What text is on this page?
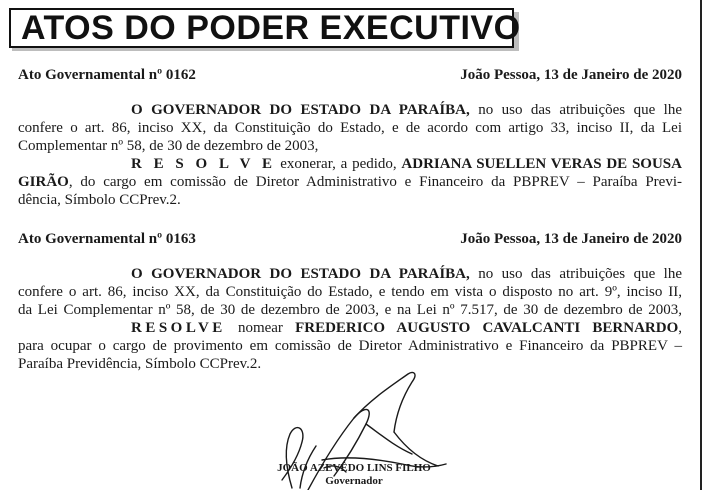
ATOS DO PODER EXECUTIVO
Ato Governamental nº 0162	João Pessoa, 13 de Janeiro de 2020
O GOVERNADOR DO ESTADO DA PARAÍBA, no uso das atribuições que lhe
confere o art. 86, inciso XX, da Constituição do Estado, e de acordo com artigo 33, inciso II, da Lei
Complementar nº 58, de 30 de dezembro de 2003,
R E S O L V E exonerar, a pedido, ADRIANA SUELLEN VERAS DE SOUSA
GIRÃO, do cargo em comissão de Diretor Administrativo e Financeiro da PBPREV – Paraíba Previ-
dência, Símbolo CCPrev.2.
Ato Governamental nº 0163	João Pessoa, 13 de Janeiro de 2020
O GOVERNADOR DO ESTADO DA PARAÍBA, no uso das atribuições que lhe
confere o art. 86, inciso XX, da Constituição do Estado, e tendo em vista o disposto no art. 9º, inciso II,
da Lei Complementar nº 58, de 30 de dezembro de 2003, e na Lei nº 7.517, de 30 de dezembro de 2003,
RESOLVE nomear FREDERICO AUGUSTO CAVALCANTI BERNARDO,
para ocupar o cargo de provimento em comissão de Diretor Administrativo e Financeiro da PBPREV –
Paraíba Previdência, Símbolo CCPrev.2.
JOÃO AZEVÊDO LINS FILHO
Governador
